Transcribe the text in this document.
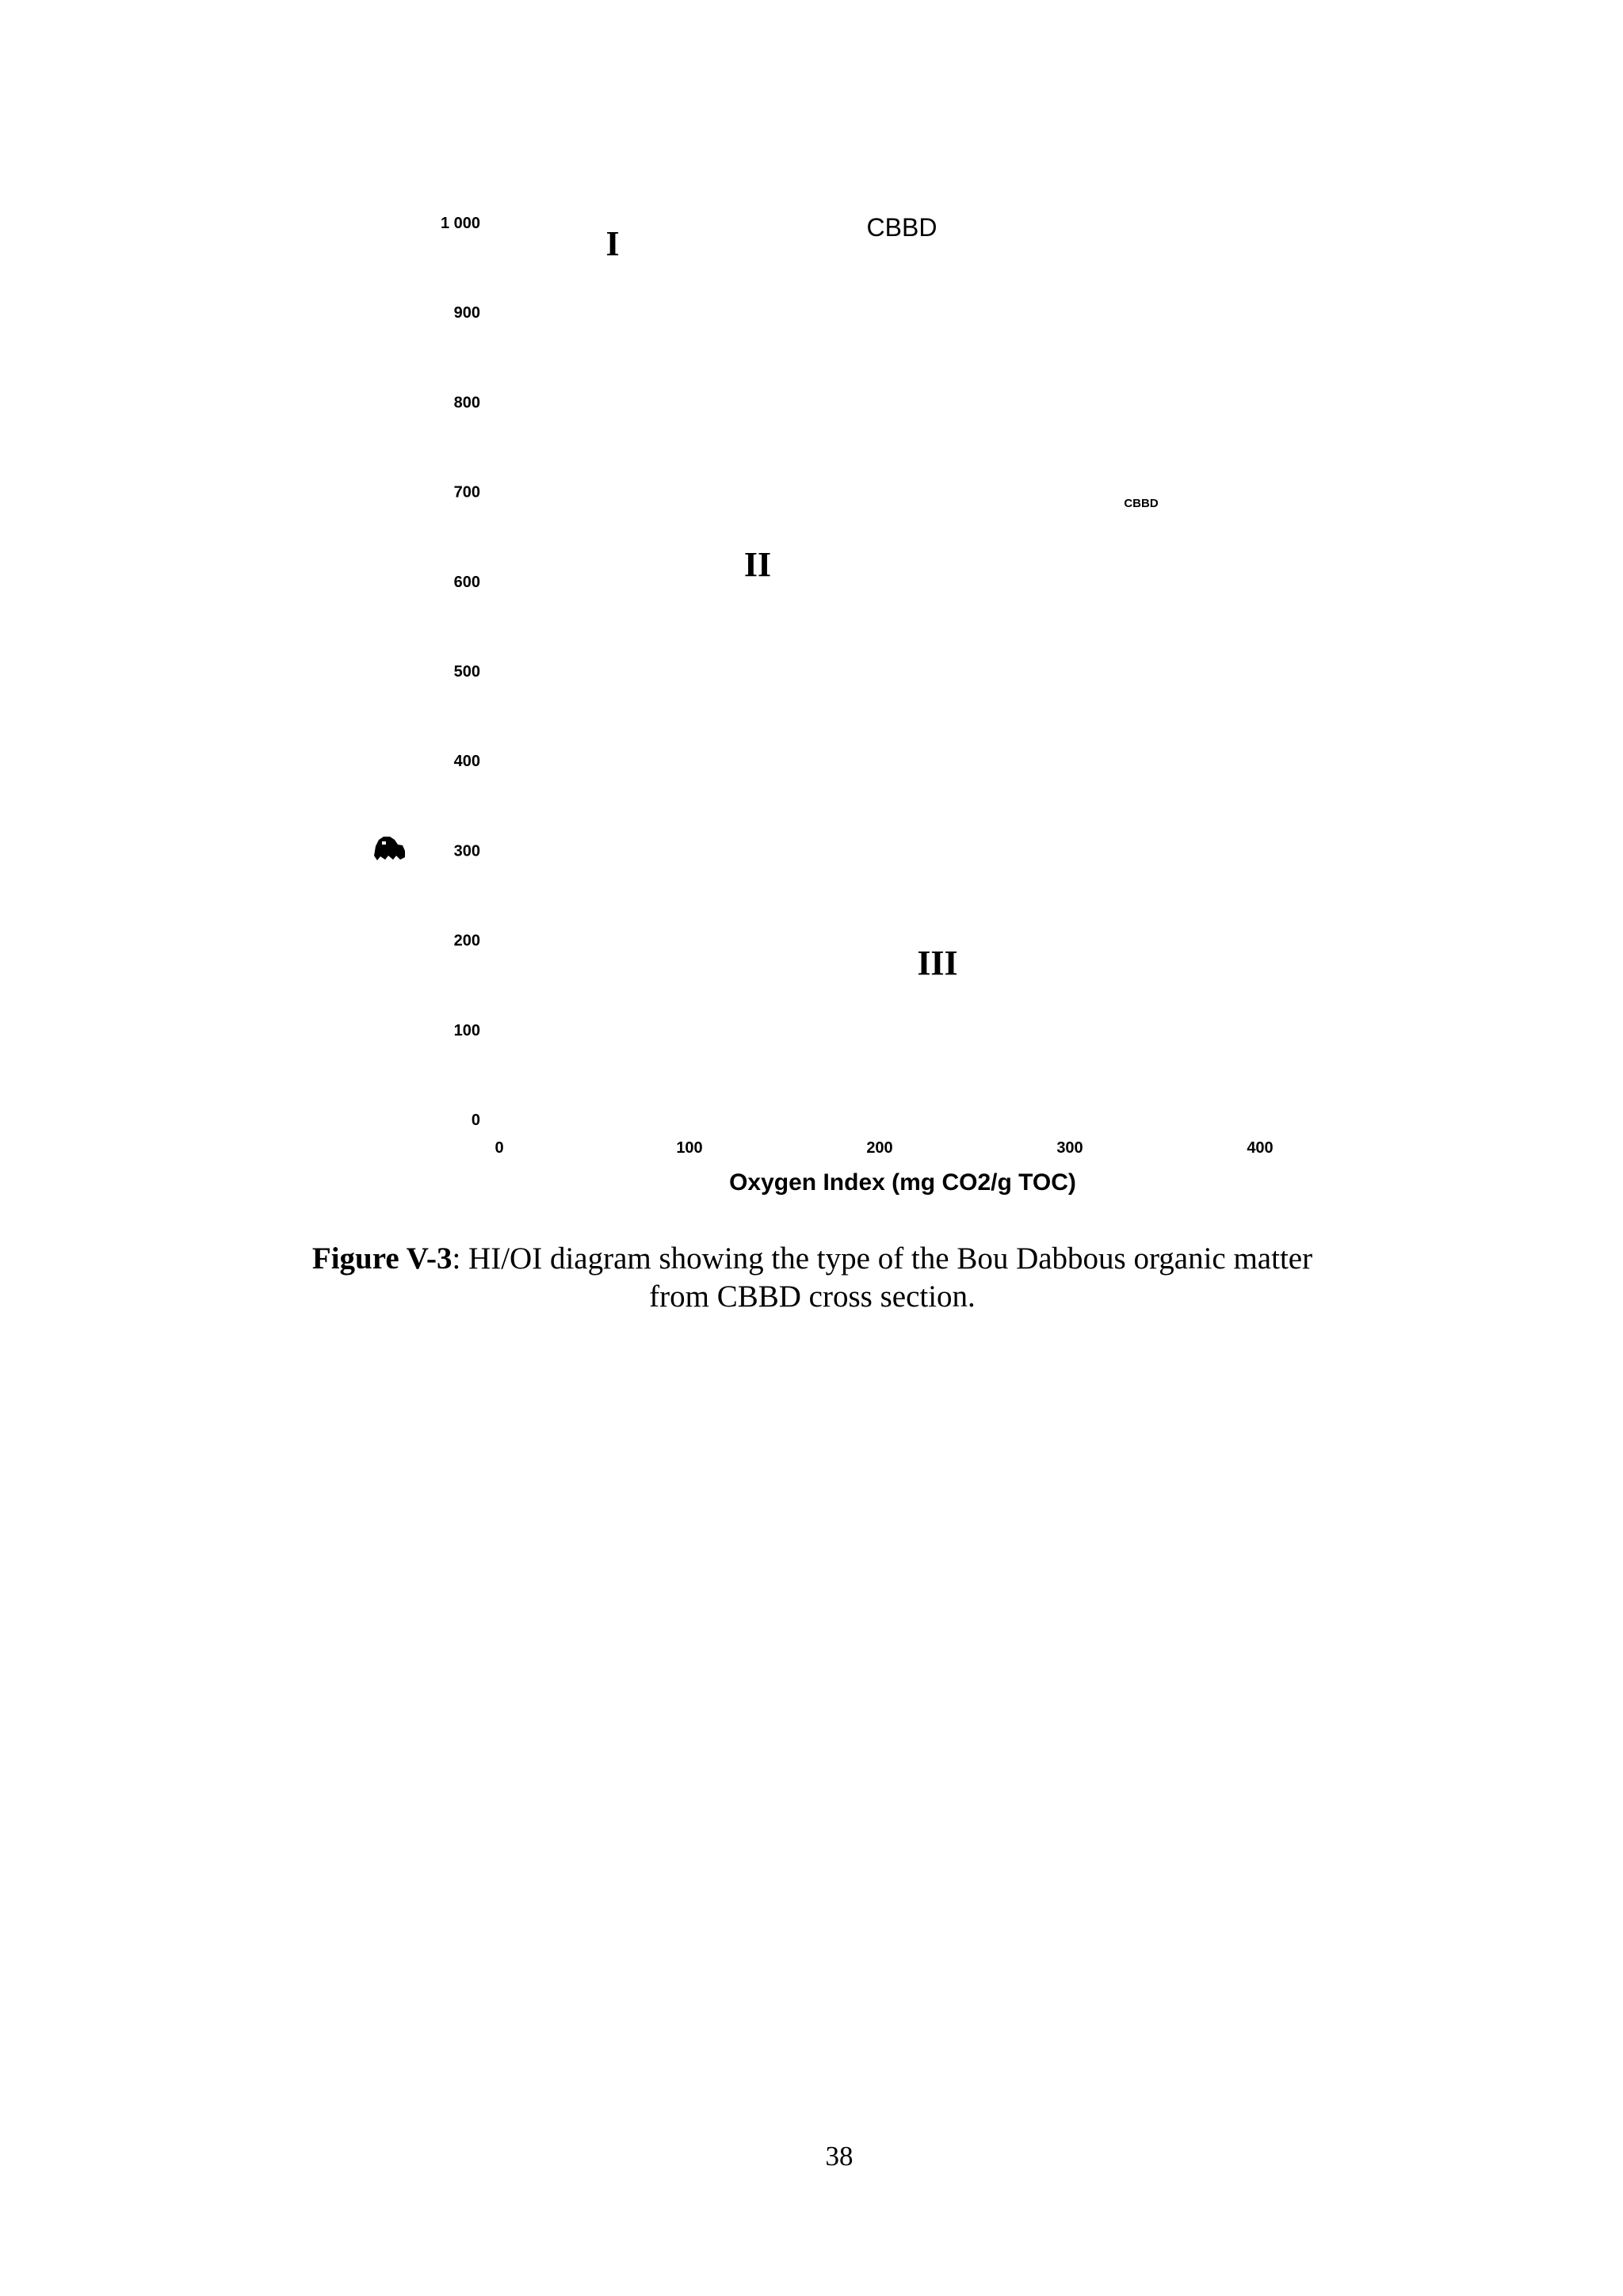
1 000
900
800
700
600
500
400
300
200
100
0
0	100	200	300	400
CBBD
I
II
III
CBBD
Oxygen Index (mg CO2/g TOC)
Figure V-3: HI/OI diagram showing the type of the Bou Dabbous organic matter
from CBBD cross section.
38
